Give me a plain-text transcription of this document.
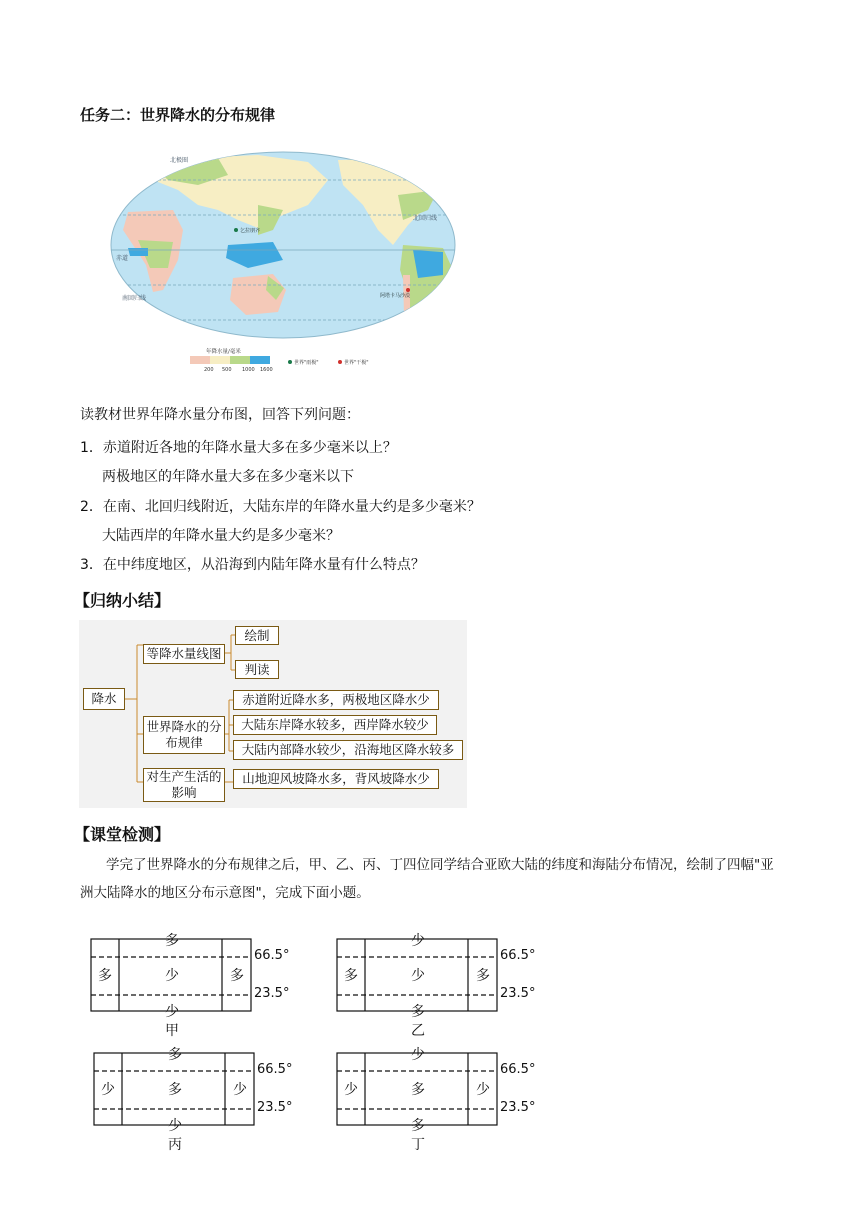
任务二：世界降水的分布规律
北极圈
北回归线
赤道
南回归线
乞拉朋齐
阿塔卡马沙漠
年降水量/毫米
200 500 1000 1600
世界"雨极"	世界"干极"
读教材世界年降水量分布图，回答下列问题：
1．赤道附近各地的年降水量大多在多少毫米以上？
两极地区的年降水量大多在多少毫米以下
2．在南、北回归线附近，大陆东岸的年降水量大约是多少毫米？
大陆西岸的年降水量大约是多少毫米？
3．在中纬度地区，从沿海到内陆年降水量有什么特点？
【归纳小结】
降水
等降水量线图
绘制
判读
世界降水的分布规律
赤道附近降水多，两极地区降水少
大陆东岸降水较多，西岸降水较少
大陆内部降水较少，沿海地区降水较多
对生产生活的影响
山地迎风坡降水多，背风坡降水少
【课堂检测】
学完了世界降水的分布规律之后，甲、乙、丙、丁四位同学结合亚欧大陆的纬度和海陆分布情况，绘制了四幅"亚洲大陆降水的地区分布示意图"，完成下面小题。
多
多	少	多
少
甲
66.5°
23.5°
少
多	少	多
多
乙
66.5°
23.5°
多
少	多	少
少
丙
66.5°
23.5°
少
少	多	少
多
丁
66.5°
23.5°
